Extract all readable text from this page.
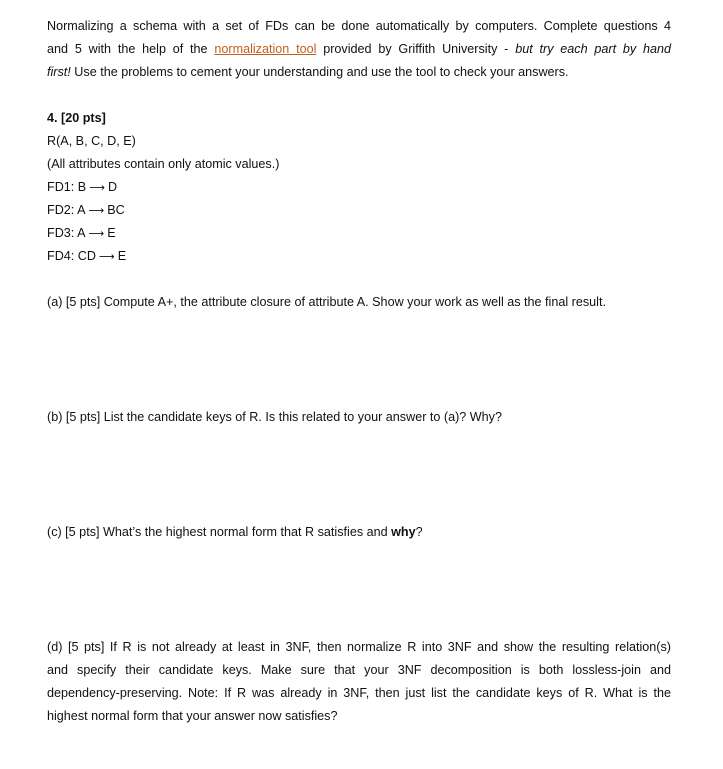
Normalizing a schema with a set of FDs can be done automatically by computers. Complete questions 4
and 5 with the help of the normalization tool provided by Griffith University - but try each part by hand
first! Use the problems to cement your understanding and use the tool to check your answers.
4. [20 pts]
R(A, B, C, D, E)
(All attributes contain only atomic values.)
FD1: B ⟶ D
FD2: A ⟶ BC
FD3: A ⟶ E
FD4: CD ⟶ E
(a) [5 pts] Compute A+, the attribute closure of attribute A. Show your work as well as the final result.
(b) [5 pts] List the candidate keys of R. Is this related to your answer to (a)? Why?
(c) [5 pts] What’s the highest normal form that R satisfies and why?
(d) [5 pts] If R is not already at least in 3NF, then normalize R into 3NF and show the resulting relation(s)
and specify their candidate keys. Make sure that your 3NF decomposition is both lossless-join and
dependency-preserving. Note: If R was already in 3NF, then just list the candidate keys of R. What is the
highest normal form that your answer now satisfies?
